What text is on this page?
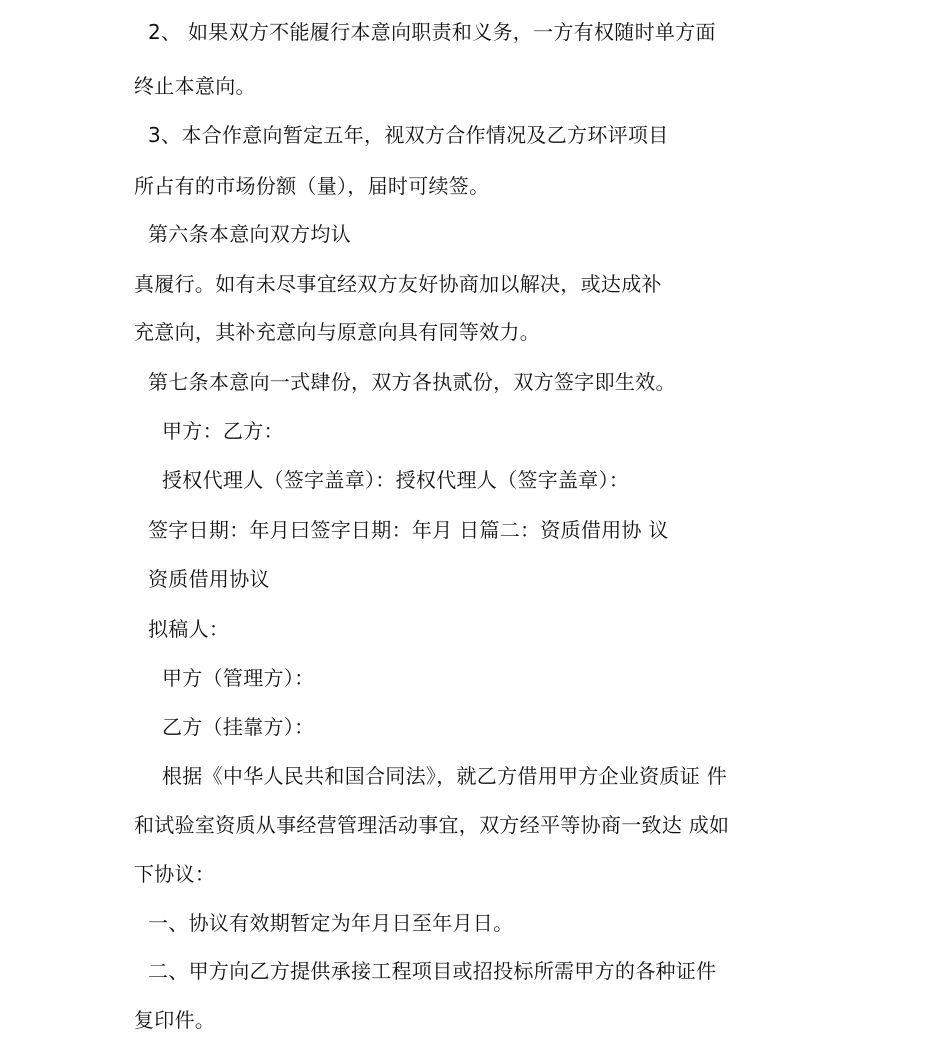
2、 如果双方不能履行本意向职责和义务，一方有权随时单方面
终止本意向。
3、本合作意向暂定五年，视双方合作情况及乙方环评项目
所占有的市场份额（量），届时可续签。
第六条本意向双方均认
真履行。如有未尽事宜经双方友好协商加以解决，或达成补
充意向，其补充意向与原意向具有同等效力。
第七条本意向一式肆份，双方各执贰份，双方签字即生效。
甲方：乙方：
授权代理人（签字盖章）：授权代理人（签字盖章）：
签字日期：年月曰签字日期：年月 日篇二：资质借用协 议
资质借用协议
拟稿人：
甲方（管理方）：
乙方（挂靠方）：
根据《中华人民共和国合同法》，就乙方借用甲方企业资质证 件
和试验室资质从事经营管理活动事宜，双方经平等协商一致达 成如
下协议：
一、协议有效期暂定为年月日至年月日。
二、甲方向乙方提供承接工程项目或招投标所需甲方的各种证件
复印件。
